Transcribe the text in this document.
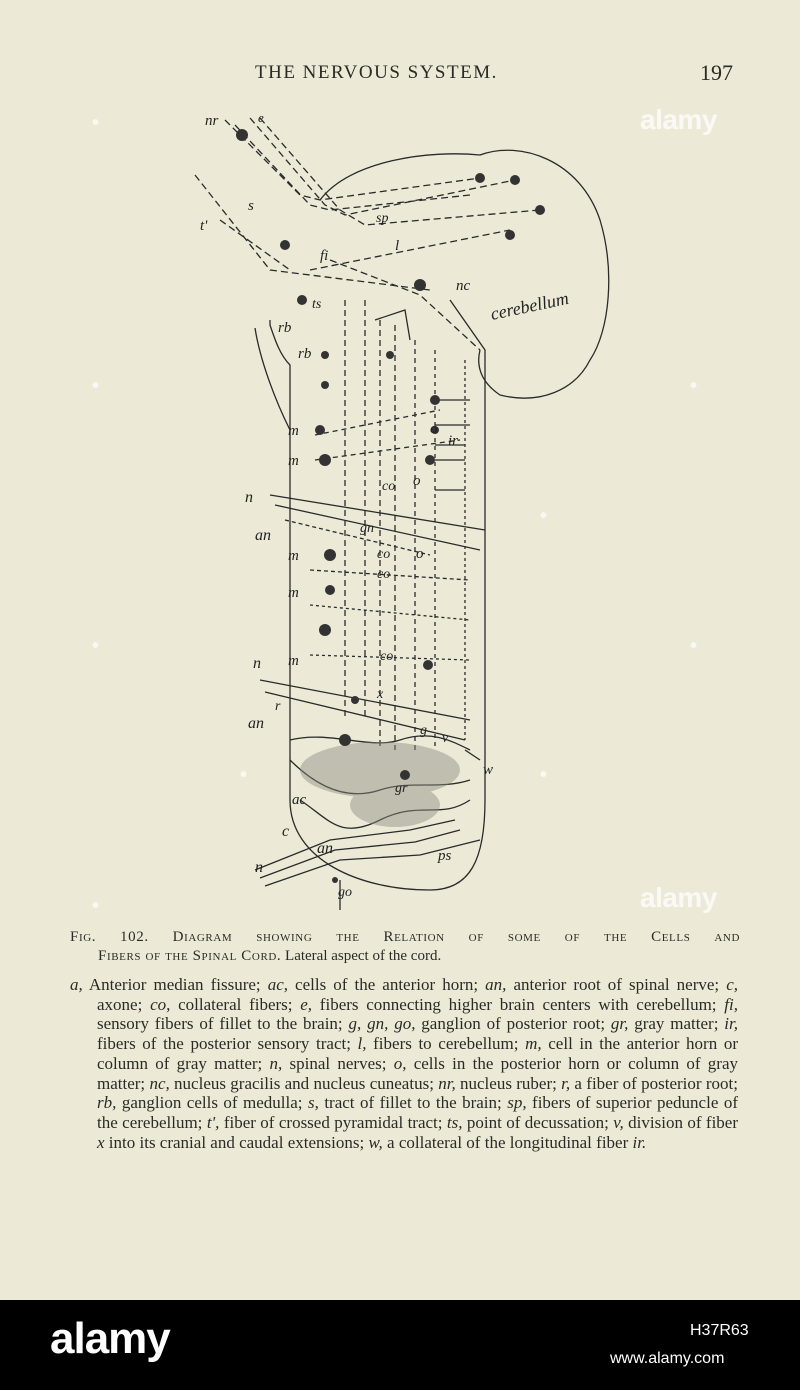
THE NERVOUS SYSTEM.	197
nr	e
s
t'	sp
fi
l
nc
cerebellum
ts
rb
rb
m
m
m
m
m
o
o
o
ir
co
co
co
co
n
n
n
an
an
an
gn
r
x
g
v
w
ac
gr
c
ps
go
Fig. 102. Diagram showing the Relation of some of the Cells and
Fibers of the Spinal Cord. Lateral aspect of the cord.

a, Anterior median fissure; ac, cells of the anterior horn; an, anterior root of spinal nerve; c, axone; co, collateral fibers; e, fibers connecting higher brain centers with cerebellum; fi, sensory fibers of fillet to the brain; g, gn, go, ganglion of posterior root; gr, gray matter; ir, fibers of the posterior sensory tract; l, fibers to cerebellum; m, cell in the anterior horn or column of gray matter; n, spinal nerves; o, cells in the posterior horn or column of gray matter; nc, nucleus gracilis and nucleus cuneatus; nr, nucleus ruber; r, a fiber of posterior root; rb, ganglion cells of medulla; s, tract of fillet to the brain; sp, fibers of superior peduncle of the cerebellum; t', fiber of crossed pyramidal tract; ts, point of decussation; v, division of fiber x into its cranial and caudal extensions; w, a collateral of the longitudinal fiber ir.

alamy
alamy
•
•
•
•
•	•
•
•
•
alamy	H37R63
www.alamy.com
